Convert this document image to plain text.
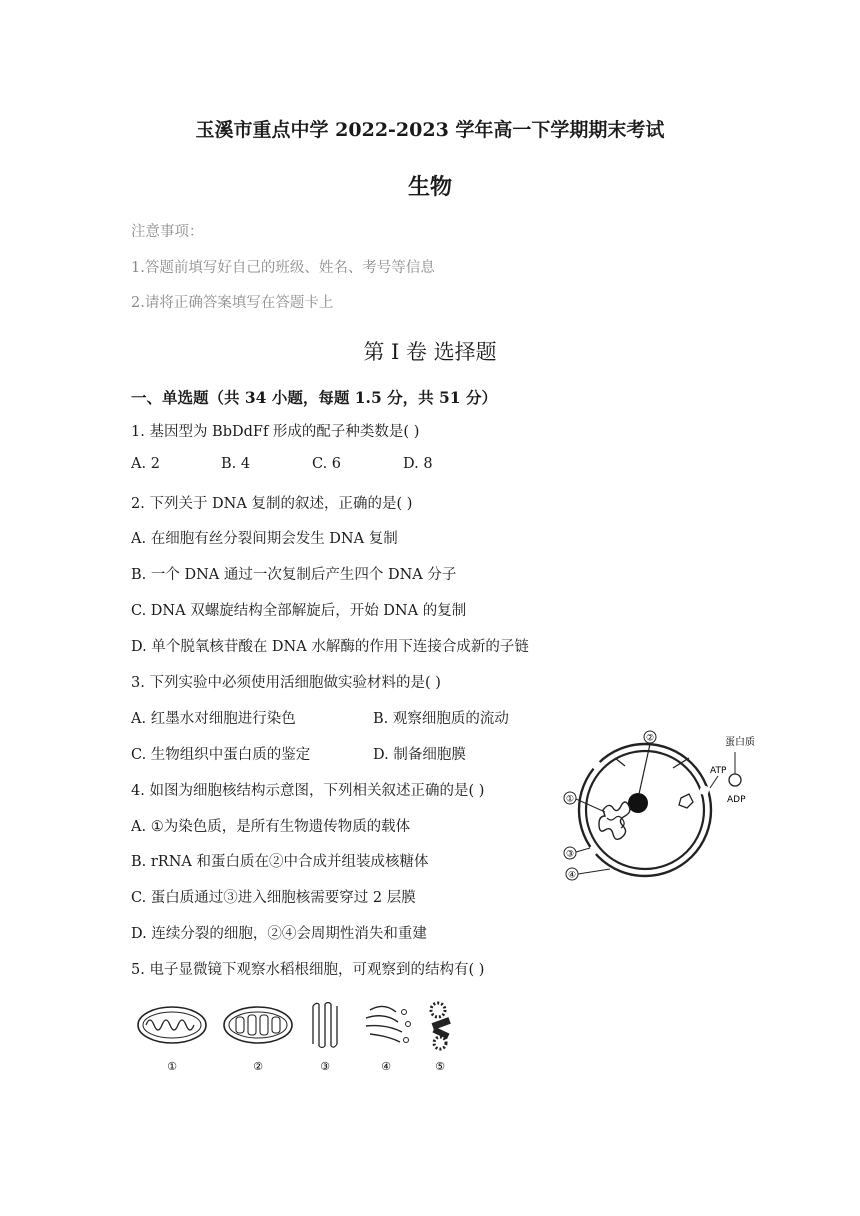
玉溪市重点中学 2022-2023 学年高一下学期期末考试
生物
注意事项：
1.答题前填写好自己的班级、姓名、考号等信息
2.请将正确答案填写在答题卡上
第 I 卷 选择题
一、单选题（共 34 小题，每题 1.5 分，共 51 分）
1. 基因型为 BbDdFf 形成的配子种类数是( )
A. 2	B. 4	C. 6	D. 8
2. 下列关于 DNA 复制的叙述，正确的是( )
A. 在细胞有丝分裂间期会发生 DNA 复制
B. 一个 DNA 通过一次复制后产生四个 DNA 分子
C. DNA 双螺旋结构全部解旋后，开始 DNA 的复制
D. 单个脱氧核苷酸在 DNA 水解酶的作用下连接合成新的子链
3. 下列实验中必须使用活细胞做实验材料的是( )
A. 红墨水对细胞进行染色	B. 观察细胞质的流动
C. 生物组织中蛋白质的鉴定	D. 制备细胞膜
4. 如图为细胞核结构示意图，下列相关叙述正确的是( )
A. ①为染色质，是所有生物遗传物质的载体
B. rRNA 和蛋白质在②中合成并组装成核糖体
C. 蛋白质通过③进入细胞核需要穿过 2 层膜
D. 连续分裂的细胞，②④会周期性消失和重建
5. 电子显微镜下观察水稻根细胞，可观察到的结构有( )
②
①
③
④
蛋白质
ATP
ADP
①	②	③	④	⑤
